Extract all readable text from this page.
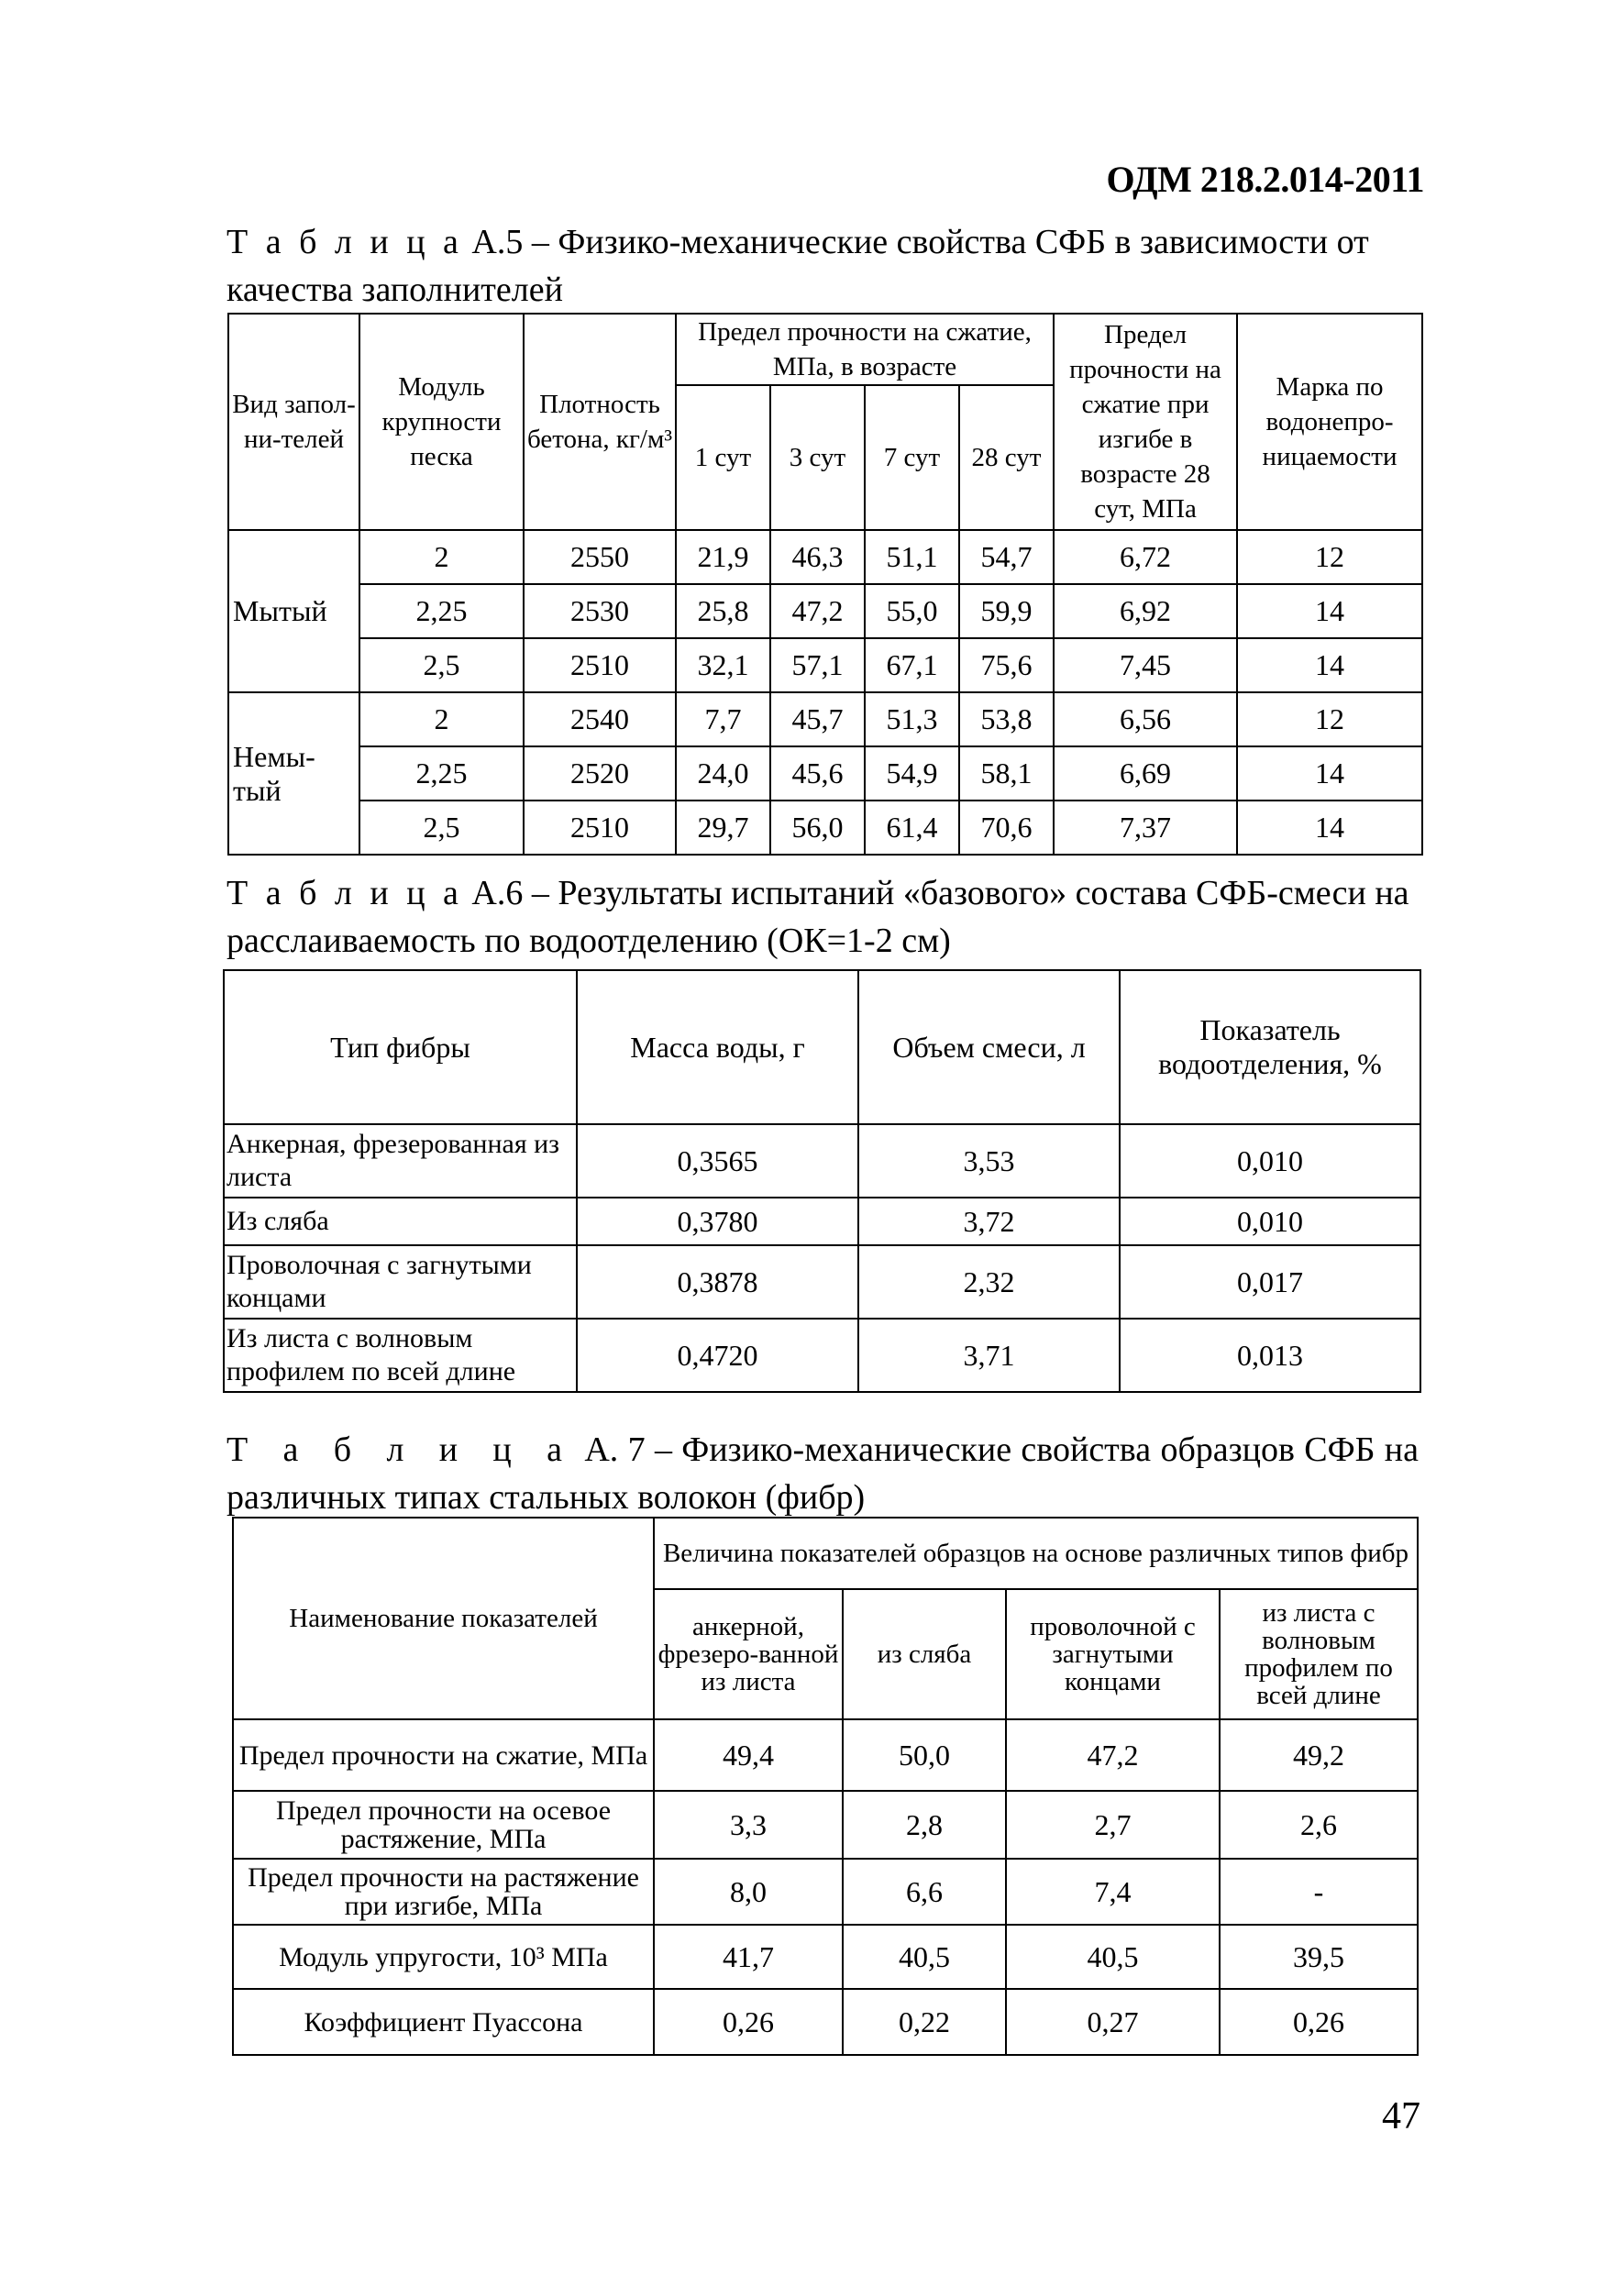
ОДМ 218.2.014-2011
Т а б л и ц а А.5 – Физико-механические свойства СФБ в зависимости от качества заполнителей
Вид запол-ни-телей	Модуль крупности песка	Плотность бетона, кг/м³	Предел прочности на сжатие, МПа, в возрасте				Предел прочности на сжатие при изгибе в возрасте 28 сут, МПа	Марка по водонепро-ницаемости
			1 сут	3 сут	7 сут	28 сут		
Мытый	2	2550	21,9	46,3	51,1	54,7	6,72	12
	2,25	2530	25,8	47,2	55,0	59,9	6,92	14
	2,5	2510	32,1	57,1	67,1	75,6	7,45	14
Немы-тый	2	2540	7,7	45,7	51,3	53,8	6,56	12
	2,25	2520	24,0	45,6	54,9	58,1	6,69	14
	2,5	2510	29,7	56,0	61,4	70,6	7,37	14
Т а б л и ц а А.6 – Результаты испытаний «базового» состава СФБ-смеси на расслаиваемость по водоотделению (ОК=1-2 см)
Тип фибры	Масса воды, г	Объем смеси, л	Показатель водоотделения, %
Анкерная, фрезерованная из листа	0,3565	3,53	0,010
Из сляба	0,3780	3,72	0,010
Проволочная с загнутыми концами	0,3878	2,32	0,017
Из листа с волновым профилем по всей длине	0,4720	3,71	0,013
Т а б л и ц а А. 7 – Физико-механические свойства образцов СФБ на различных типах стальных волокон (фибр)
Наименование показателей	Величина показателей образцов на основе различных типов фибр			
	анкерной, фрезеро-ванной из листа	из сляба	проволочной с загнутыми концами	из листа с волновым профилем по всей длине
Предел прочности на сжатие, МПа	49,4	50,0	47,2	49,2
Предел прочности на осевое растяжение, МПа	3,3	2,8	2,7	2,6
Предел прочности на растяжение при изгибе, МПа	8,0	6,6	7,4	-
Модуль упругости, 10³ МПа	41,7	40,5	40,5	39,5
Коэффициент Пуассона	0,26	0,22	0,27	0,26
47
